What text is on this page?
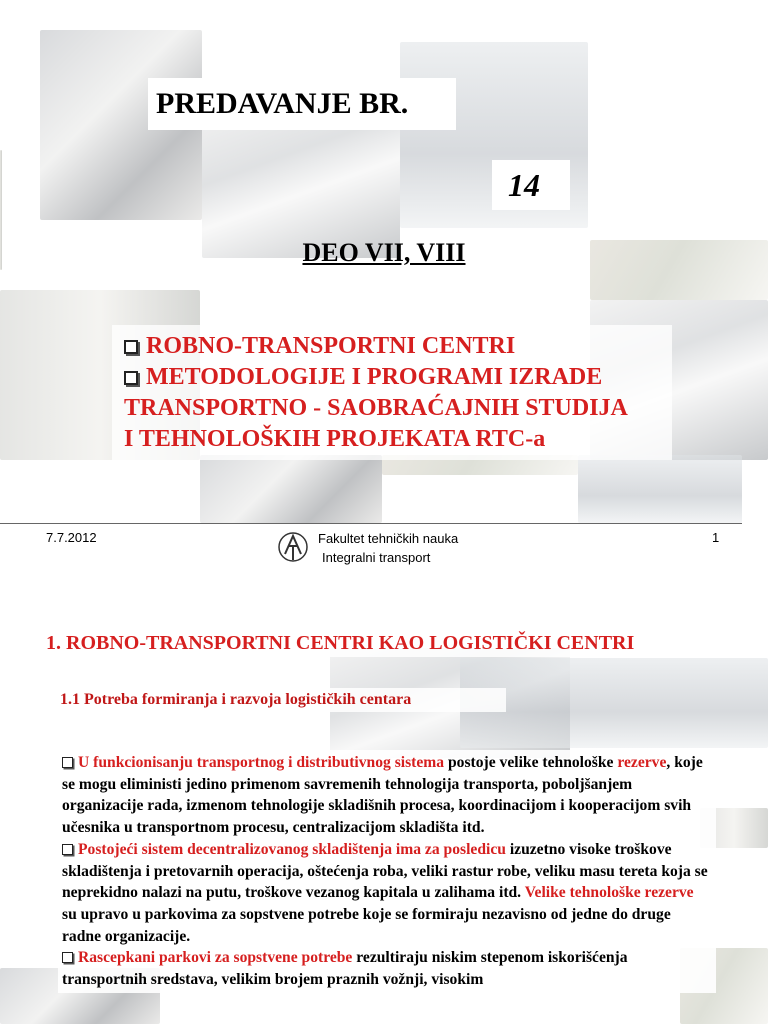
PREDAVANJE BR.
14
DEO VII, VIII
ROBNO-TRANSPORTNI CENTRI
METODOLOGIJE I PROGRAMI IZRADE
TRANSPORTNO - SAOBRAĆAJNIH STUDIJA
I TEHNOLOŠKIH PROJEKATA RTC-a
7.7.2012	Fakultet tehničkih nauka
Integralni transport
1
1. ROBNO-TRANSPORTNI CENTRI KAO LOGISTIČKI CENTRI
1.1 Potreba formiranja i razvoja logističkih centara
U funkcionisanju transportnog i distributivnog sistema postoje velike tehnološke rezerve, koje se mogu eliministi jedino primenom savremenih tehnologija transporta, poboljšanjem organizacije rada, izmenom tehnologije skladišnih procesa, koordinacijom i kooperacijom svih učesnika u transportnom procesu, centralizacijom skladišta itd.
Postojeći sistem decentralizovanog skladištenja ima za posledicu izuzetno visoke troškove skladištenja i pretovarnih operacija, oštećenja roba, veliki rastur robe, veliku masu tereta koja se neprekidno nalazi na putu, troškove vezanog kapitala u zalihama itd. Velike tehnološke rezerve su upravo u parkovima za sopstvene potrebe koje se formiraju nezavisno od jedne do druge radne organizacije.
Rascepkani parkovi za sopstvene potrebe rezultiraju niskim stepenom iskorišćenja transportnih sredstava, velikim brojem praznih vožnji, visokim
